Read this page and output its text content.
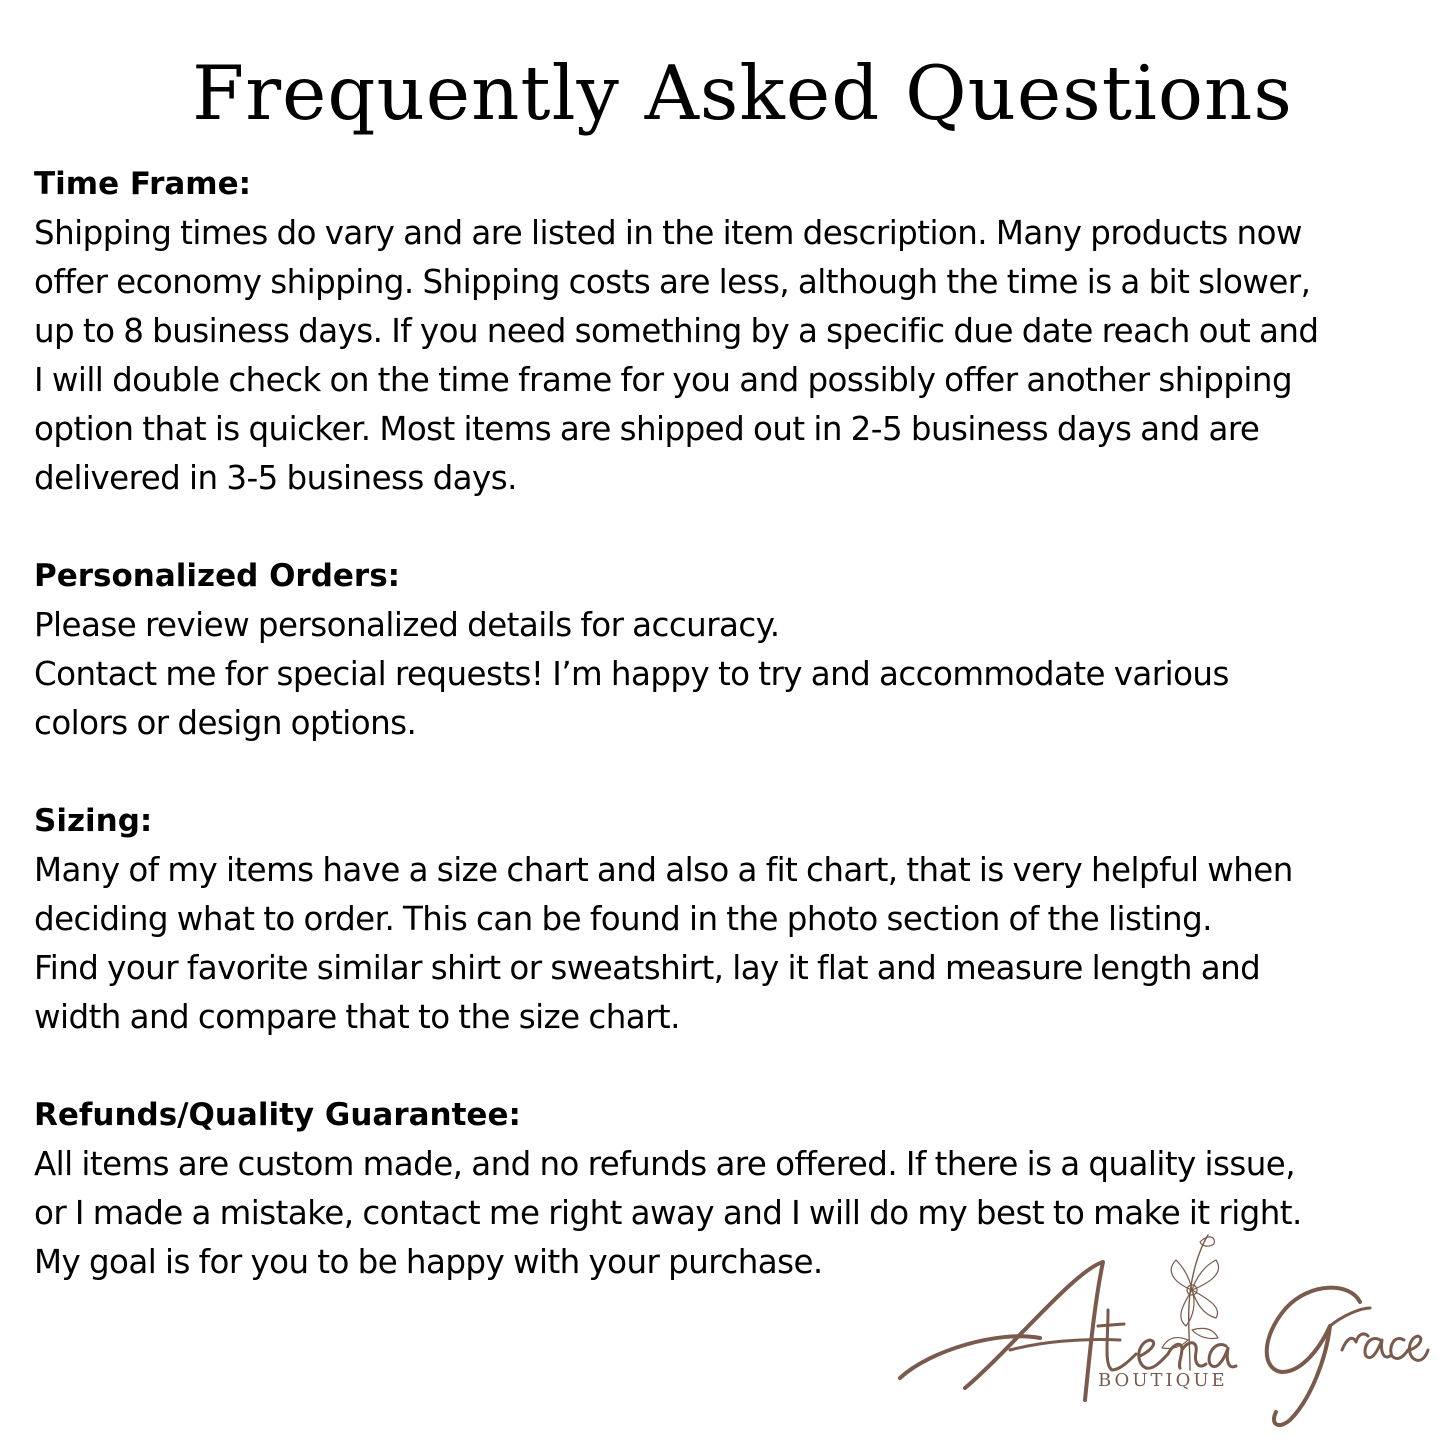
Frequently Asked Questions

Time Frame:

Shipping times do vary and are listed in the item description. Many products now

offer economy shipping. Shipping costs are less, although the time is a bit slower,

up to 8 business days. If you need something by a specific due date reach out and

I will double check on the time frame for you and possibly offer another shipping

option that is quicker. Most items are shipped out in 2-5 business days and are

delivered in 3-5 business days.

Personalized Orders:

Please review personalized details for accuracy.

Contact me for special requests! I’m happy to try and accommodate various

colors or design options.

Sizing:

Many of my items have a size chart and also a fit chart, that is very helpful when

deciding what to order. This can be found in the photo section of the listing.

Find your favorite similar shirt or sweatshirt, lay it flat and measure length and

width and compare that to the size chart.

Refunds/Quality Guarantee:

All items are custom made, and no refunds are offered. If there is a quality issue,

or I made a mistake, contact me right away and I will do my best to make it right.

My goal is for you to be happy with your purchase.

BOUTIQUE
